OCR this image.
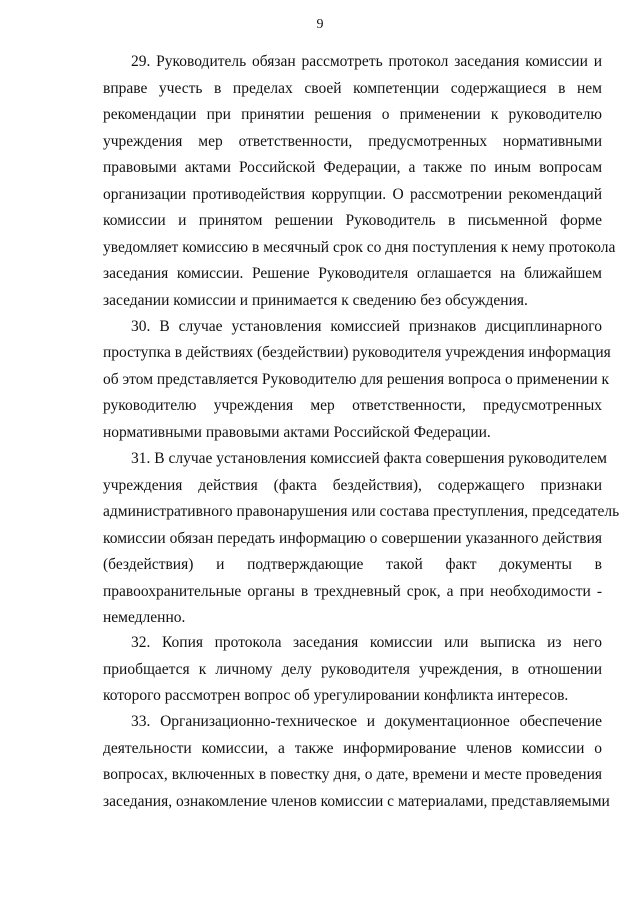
9
29. Руководитель обязан рассмотреть протокол заседания комиссии и
вправе учесть в пределах своей компетенции содержащиеся в нем
рекомендации при принятии решения о применении к руководителю
учреждения мер ответственности, предусмотренных нормативными
правовыми актами Российской Федерации, а также по иным вопросам
организации противодействия коррупции. О рассмотрении рекомендаций
комиссии и принятом решении Руководитель в письменной форме
уведомляет комиссию в месячный срок со дня поступления к нему протокола
заседания комиссии. Решение Руководителя оглашается на ближайшем
заседании комиссии и принимается к сведению без обсуждения.
30. В случае установления комиссией признаков дисциплинарного
проступка в действиях (бездействии) руководителя учреждения информация
об этом представляется Руководителю для решения вопроса о применении к
руководителю учреждения мер ответственности, предусмотренных
нормативными правовыми актами Российской Федерации.
31. В случае установления комиссией факта совершения руководителем
учреждения действия (факта бездействия), содержащего признаки
административного правонарушения или состава преступления, председатель
комиссии обязан передать информацию о совершении указанного действия
(бездействия) и подтверждающие такой факт документы в
правоохранительные органы в трехдневный срок, а при необходимости -
немедленно.
32. Копия протокола заседания комиссии или выписка из него
приобщается к личному делу руководителя учреждения, в отношении
которого рассмотрен вопрос об урегулировании конфликта интересов.
33. Организационно-техническое и документационное обеспечение
деятельности комиссии, а также информирование членов комиссии о
вопросах, включенных в повестку дня, о дате, времени и месте проведения
заседания, ознакомление членов комиссии с материалами, представляемыми
